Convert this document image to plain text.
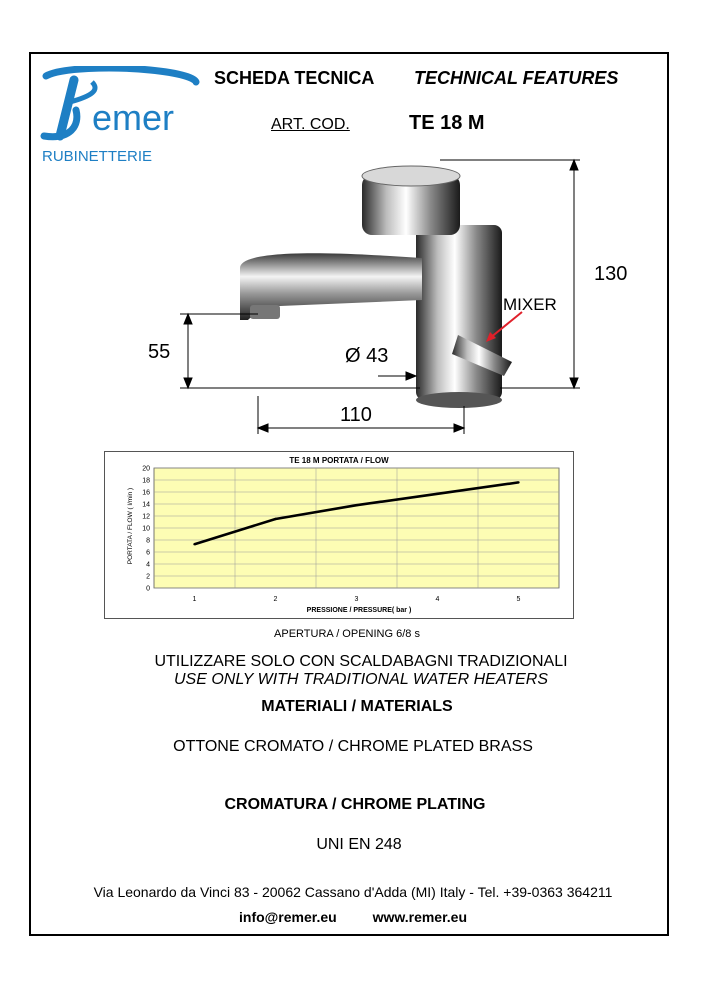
emer
RUBINETTERIE
SCHEDA TECNICA TECHNICAL FEATURES
ART. COD.	TE 18 M
130
55	Ø 43
110
MIXER
TE 18 M PORTATA / FLOW
0
2
4
6
8
10
12
14
16
18
20
1	2	3	4	5
PRESSIONE / PRESSURE( bar )
PORTATA / FLOW ( l/min )
APERTURA / OPENING 6/8 s
UTILIZZARE SOLO CON SCALDABAGNI TRADIZIONALI
USE ONLY WITH TRADITIONAL WATER HEATERS
MATERIALI / MATERIALS
OTTONE CROMATO / CHROME PLATED BRASS
CROMATURA / CHROME PLATING
UNI EN 248
Via Leonardo da Vinci 83 - 20062 Cassano d'Adda (MI) Italy - Tel. +39-0363 364211
info@remer.eu	www.remer.eu
